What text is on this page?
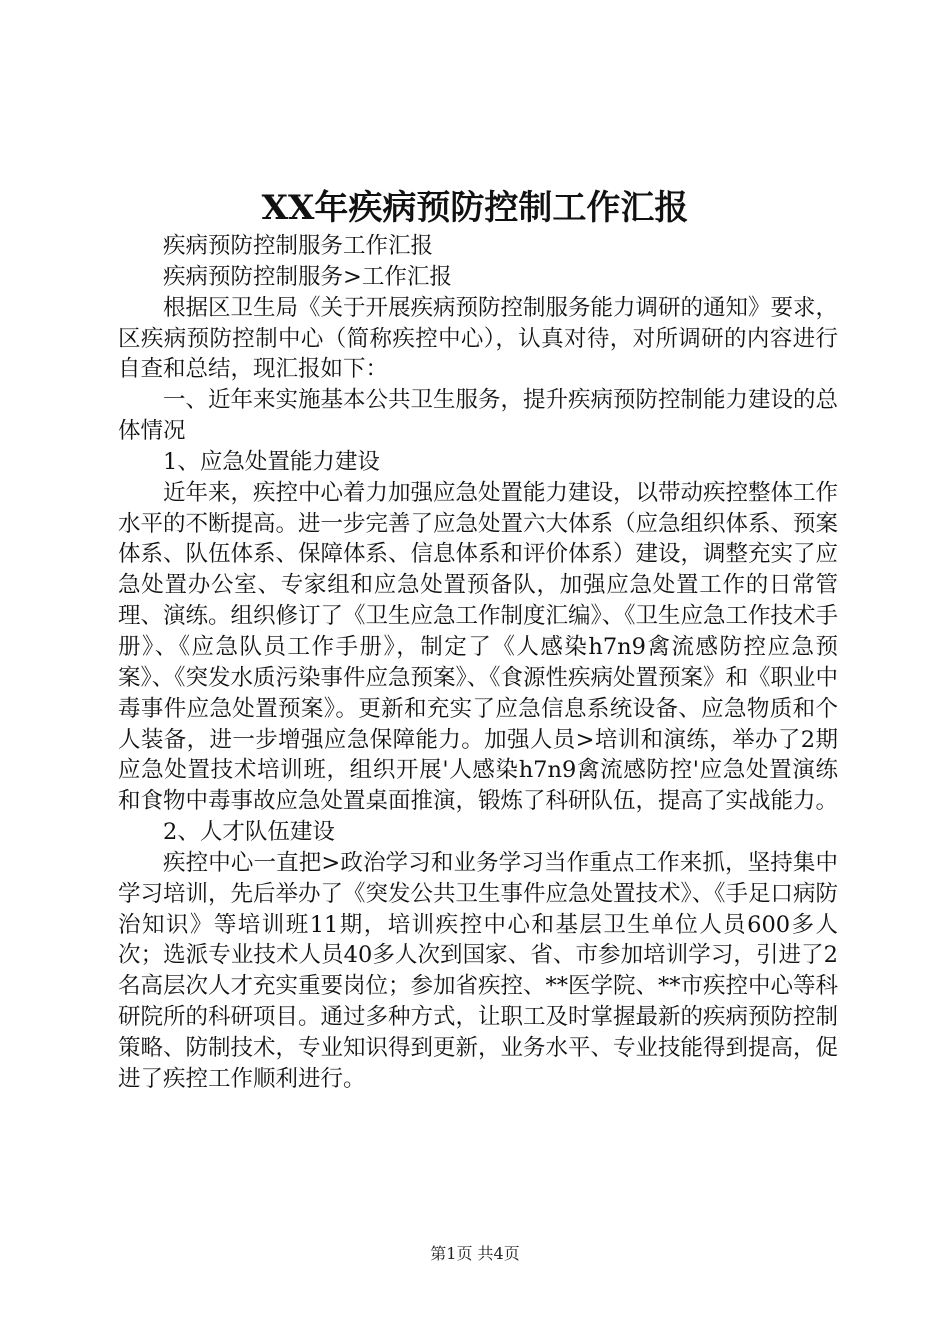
XX年疾病预防控制工作汇报

疾病预防控制服务工作汇报

疾病预防控制服务>工作汇报

根据区卫生局《关于开展疾病预防控制服务能力调研的通知》要求，区疾病预防控制中心（简称疾控中心），认真对待，对所调研的内容进行自查和总结，现汇报如下：

一、近年来实施基本公共卫生服务，提升疾病预防控制能力建设的总体情况

1、应急处置能力建设

近年来，疾控中心着力加强应急处置能力建设，以带动疾控整体工作水平的不断提高。进一步完善了应急处置六大体系（应急组织体系、预案体系、队伍体系、保障体系、信息体系和评价体系）建设，调整充实了应急处置办公室、专家组和应急处置预备队，加强应急处置工作的日常管理、演练。组织修订了《卫生应急工作制度汇编》、《卫生应急工作技术手册》、《应急队员工作手册》，制定了《人感染h7n9禽流感防控应急预案》、《突发水质污染事件应急预案》、《食源性疾病处置预案》和《职业中毒事件应急处置预案》。更新和充实了应急信息系统设备、应急物质和个人装备，进一步增强应急保障能力。加强人员>培训和演练，举办了2期应急处置技术培训班，组织开展'人感染h7n9禽流感防控'应急处置演练和食物中毒事故应急处置桌面推演，锻炼了科研队伍，提高了实战能力。

2、人才队伍建设

疾控中心一直把>政治学习和业务学习当作重点工作来抓，坚持集中学习培训，先后举办了《突发公共卫生事件应急处置技术》、《手足口病防治知识》等培训班11期，培训疾控中心和基层卫生单位人员600多人次；选派专业技术人员40多人次到国家、省、市参加培训学习，引进了2名高层次人才充实重要岗位；参加省疾控、**医学院、**市疾控中心等科研院所的科研项目。通过多种方式，让职工及时掌握最新的疾病预防控制策略、防制技术，专业知识得到更新，业务水平、专业技能得到提高，促进了疾控工作顺利进行。

第1页 共4页
